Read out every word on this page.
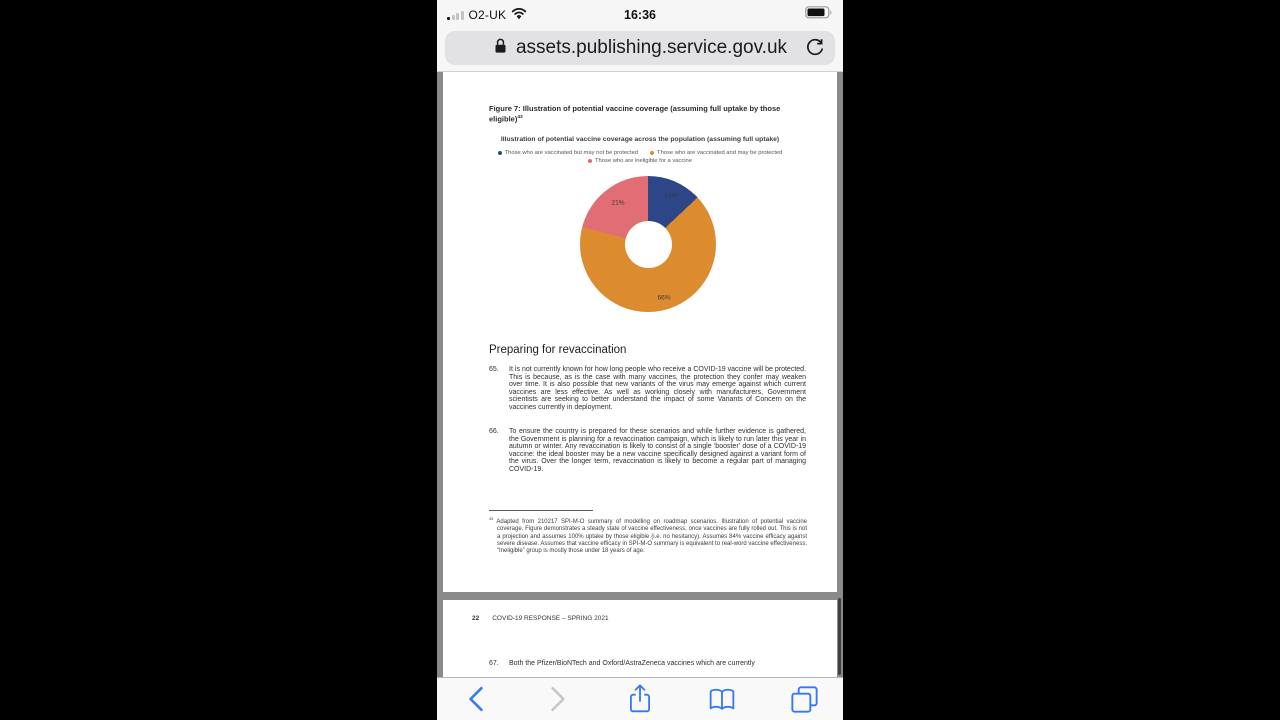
O2-UK	16:36
assets.publishing.service.gov.uk
Figure 7: Illustration of potential vaccine coverage (assuming full uptake by those eligible)$^{43}$
Illustration of potential vaccine coverage across the population (assuming full uptake)
Those who are vaccinated but may not be protected	Those who are vaccinated and may be protected
Those who are ineligible for a vaccine
13%
66%
21%
Preparing for revaccination
65.	It is not currently known for how long people who receive a COVID-19 vaccine will be protected. This is because, as is the case with many vaccines, the protection they confer may weaken over time. It is also possible that new variants of the virus may emerge against which current vaccines are less effective. As well as working closely with manufacturers, Government scientists are seeking to better understand the impact of some Variants of Concern on the vaccines currently in deployment.
66.	To ensure the country is prepared for these scenarios and while further evidence is gathered, the Government is planning for a revaccination campaign, which is likely to run later this year in autumn or winter. Any revaccination is likely to consist of a single ‘booster’ dose of a COVID-19 vaccine: the ideal booster may be a new vaccine specifically designed against a variant form of the virus. Over the longer term, revaccination is likely to become a regular part of managing COVID-19.
$^{43}$ Adapted from 210217 SPI-M-O summary of modelling on roadmap scenarios. Illustration of potential vaccine coverage. Figure demonstrates a steady state of vaccine effectiveness, once vaccines are fully rolled out. This is not a projection and assumes 100% uptake by those eligible (i.e. no hesitancy). Assumes 84% vaccine efficacy against severe disease. Assumes that vaccine efficacy in SPI-M-O summary is equivalent to real-word vaccine effectiveness. “Ineligible” group is mostly those under 18 years of age.
22 COVID-19 RESPONSE – SPRING 2021
67.	Both the Pfizer/BioNTech and Oxford/AstraZeneca vaccines which are currently
